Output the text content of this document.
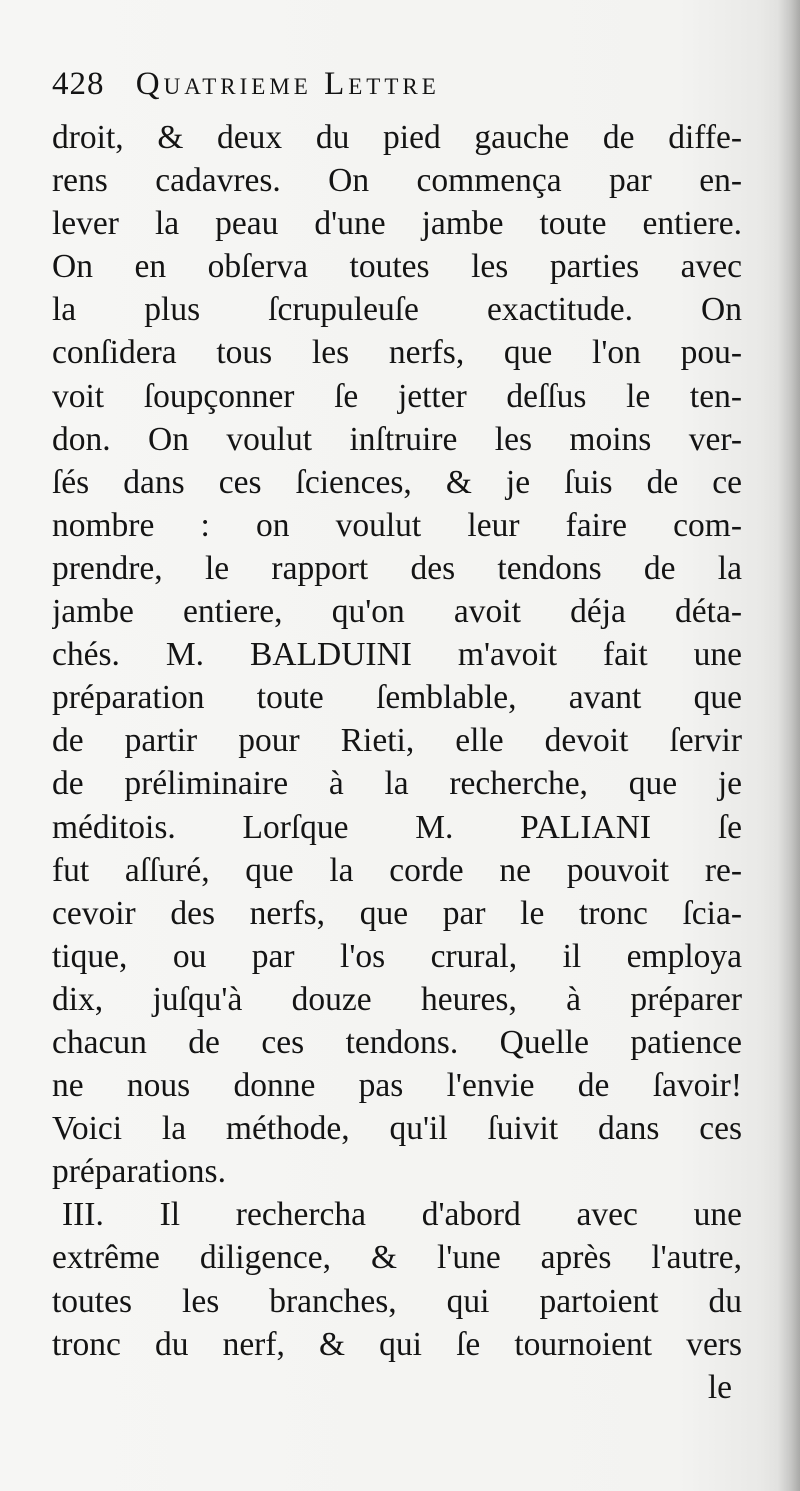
428 Quatrieme Lettre
droit, & deux du pied gauche de diffe-
rens cadavres. On commença par en-
lever la peau d'une jambe toute entiere.
On en obſerva toutes les parties avec
la plus ſcrupuleuſe exactitude. On
conſidera tous les nerfs, que l'on pou-
voit ſoupçonner ſe jetter deſſus le ten-
don. On voulut inſtruire les moins ver-
ſés dans ces ſciences, & je ſuis de ce
nombre : on voulut leur faire com-
prendre, le rapport des tendons de la
jambe entiere, qu'on avoit déja déta-
chés. M. BALDUINI m'avoit fait une
préparation toute ſemblable, avant que
de partir pour Rieti, elle devoit ſervir
de préliminaire à la recherche, que je
méditois. Lorſque M. PALIANI ſe
fut aſſuré, que la corde ne pouvoit re-
cevoir des nerfs, que par le tronc ſcia-
tique, ou par l'os crural, il employa
dix, juſqu'à douze heures, à préparer
chacun de ces tendons. Quelle patience
ne nous donne pas l'envie de ſavoir!
Voici la méthode, qu'il ſuivit dans ces
préparations.
III. Il rechercha d'abord avec une
extrême diligence, & l'une après l'autre,
toutes les branches, qui partoient du
tronc du nerf, & qui ſe tournoient vers
le
